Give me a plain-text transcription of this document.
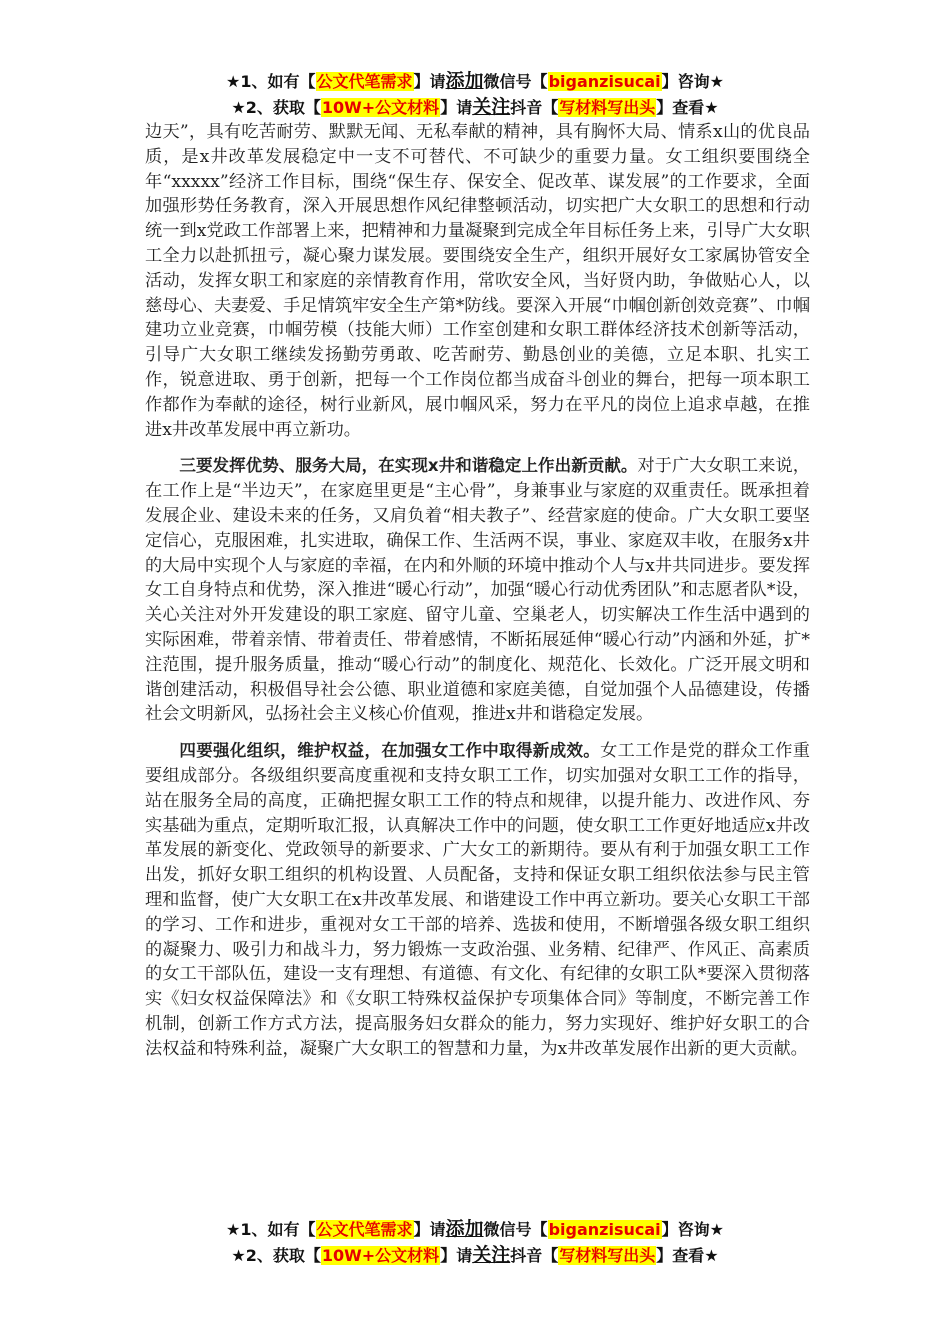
★1、如有【公文代笔需求】请添加微信号【biganzisucai】咨询★
★2、获取【10W+公文材料】请关注抖音【写材料写出头】查看★

边天”，具有吃苦耐劳、默默无闻、无私奉献的精神，具有胸怀大局、情系x山的优良品质，是x井改革发展稳定中一支不可替代、不可缺少的重要力量。女工组织要围绕全年“xxxxx”经济工作目标，围绕“保生存、保安全、促改革、谋发展”的工作要求，全面加强形势任务教育，深入开展思想作风纪律整顿活动，切实把广大女职工的思想和行动统一到x党政工作部署上来，把精神和力量凝聚到完成全年目标任务上来，引导广大女职工全力以赴抓扭亏，凝心聚力谋发展。要围绕安全生产，组织开展好女工家属协管安全活动，发挥女职工和家庭的亲情教育作用，常吹安全风，当好贤内助，争做贴心人，以慈母心、夫妻爱、手足情筑牢安全生产第*防线。要深入开展“巾帼创新创效竞赛”、巾帼建功立业竞赛，巾帼劳模（技能大师）工作室创建和女职工群体经济技术创新等活动，引导广大女职工继续发扬勤劳勇敢、吃苦耐劳、勤恳创业的美德，立足本职、扎实工作，锐意进取、勇于创新，把每一个工作岗位都当成奋斗创业的舞台，把每一项本职工作都作为奉献的途径，树行业新风，展巾帼风采，努力在平凡的岗位上追求卓越，在推进x井改革发展中再立新功。

三要发挥优势、服务大局，在实现x井和谐稳定上作出新贡献。对于广大女职工来说，在工作上是“半边天”，在家庭里更是“主心骨”，身兼事业与家庭的双重责任。既承担着发展企业、建设未来的任务，又肩负着“相夫教子”、经营家庭的使命。广大女职工要坚定信心，克服困难，扎实进取，确保工作、生活两不误，事业、家庭双丰收，在服务x井的大局中实现个人与家庭的幸福，在内和外顺的环境中推动个人与x井共同进步。要发挥女工自身特点和优势，深入推进“暖心行动”，加强“暖心行动优秀团队”和志愿者队*设，关心关注对外开发建设的职工家庭、留守儿童、空巢老人，切实解决工作生活中遇到的实际困难，带着亲情、带着责任、带着感情，不断拓展延伸“暖心行动”内涵和外延，扩*注范围，提升服务质量，推动“暖心行动”的制度化、规范化、长效化。广泛开展文明和谐创建活动，积极倡导社会公德、职业道德和家庭美德，自觉加强个人品德建设，传播社会文明新风，弘扬社会主义核心价值观，推进x井和谐稳定发展。

四要强化组织，维护权益，在加强女工作中取得新成效。女工工作是党的群众工作重要组成部分。各级组织要高度重视和支持女职工工作，切实加强对女职工工作的指导，站在服务全局的高度，正确把握女职工工作的特点和规律，以提升能力、改进作风、夯实基础为重点，定期听取汇报，认真解决工作中的问题，使女职工工作更好地适应x井改革发展的新变化、党政领导的新要求、广大女工的新期待。要从有利于加强女职工工作出发，抓好女职工组织的机构设置、人员配备，支持和保证女职工组织依法参与民主管理和监督，使广大女职工在x井改革发展、和谐建设工作中再立新功。要关心女职工干部的学习、工作和进步，重视对女工干部的培养、选拔和使用，不断增强各级女职工组织的凝聚力、吸引力和战斗力，努力锻炼一支政治强、业务精、纪律严、作风正、高素质的女工干部队伍，建设一支有理想、有道德、有文化、有纪律的女职工队*要深入贯彻落实《妇女权益保障法》和《女职工特殊权益保护专项集体合同》等制度，不断完善工作机制，创新工作方式方法，提高服务妇女群众的能力，努力实现好、维护好女职工的合法权益和特殊利益，凝聚广大女职工的智慧和力量，为x井改革发展作出新的更大贡献。

★1、如有【公文代笔需求】请添加微信号【biganzisucai】咨询★
★2、获取【10W+公文材料】请关注抖音【写材料写出头】查看★
